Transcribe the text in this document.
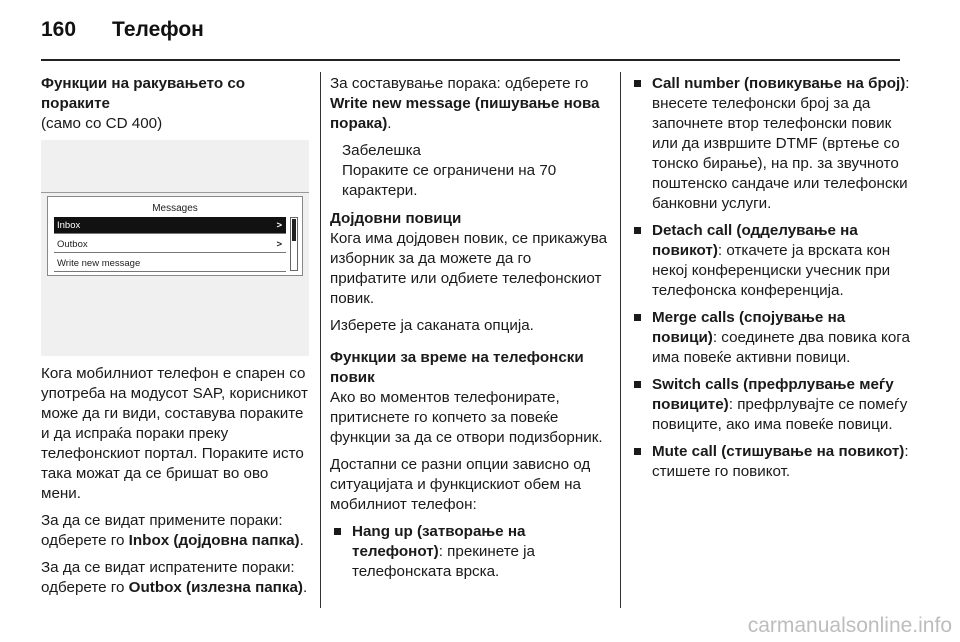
160 Телефон
Функции на ракувањето со пораките
(само со CD 400)
Messages
Inbox	>
Outbox	>
Write new message
Кога мобилниот телефон е спарен со употреба на модусот SAP, корисникот може да ги види, составува пораките и да испраќа пораки преку телефонскиот портал. Пораките исто така можат да се бришат во ово мени.
За да се видат примените пораки: одберете го Inbox (дојдовна папка).
За да се видат испратените пораки: одберете го Outbox (излезна папка).
За составување порака: одберете го Write new message (пишување нова порака).
Забелешка
Пораките се ограничени на 70 карактери.
Дојдовни повици
Кога има дојдовен повик, се прикажува изборник за да можете да го прифатите или одбиете телефонскиот повик.
Изберете ја саканата опција.
Функции за време на телефонски повик
Ако во моментов телефонирате, притиснете го копчето за повеќе функции за да се отвори подизборник.
Достапни се разни опции зависно од ситуацијата и функцискиот обем на мобилниот телефон:
Hang up (затворање на телефонот): прекинете ја телефонската врска.
Call number (повикување на број): внесете телефонски број за да започнете втор телефонски повик или да извршите DTMF (вртење со тонско бирање), на пр. за звучното поштенско сандаче или телефонски банковни услуги.
Detach call (одделување на повикот): откачете ја врската кон некој конференциски учесник при телефонска конференција.
Merge calls (спојување на повици): соединете два повика кога има повеќе активни повици.
Switch calls (префрлување меѓу повиците): префрлувајте се помеѓу повиците, ако има повеќе повици.
Mute call (стишување на повикот): стишете го повикот.
carmanualsonline.info
